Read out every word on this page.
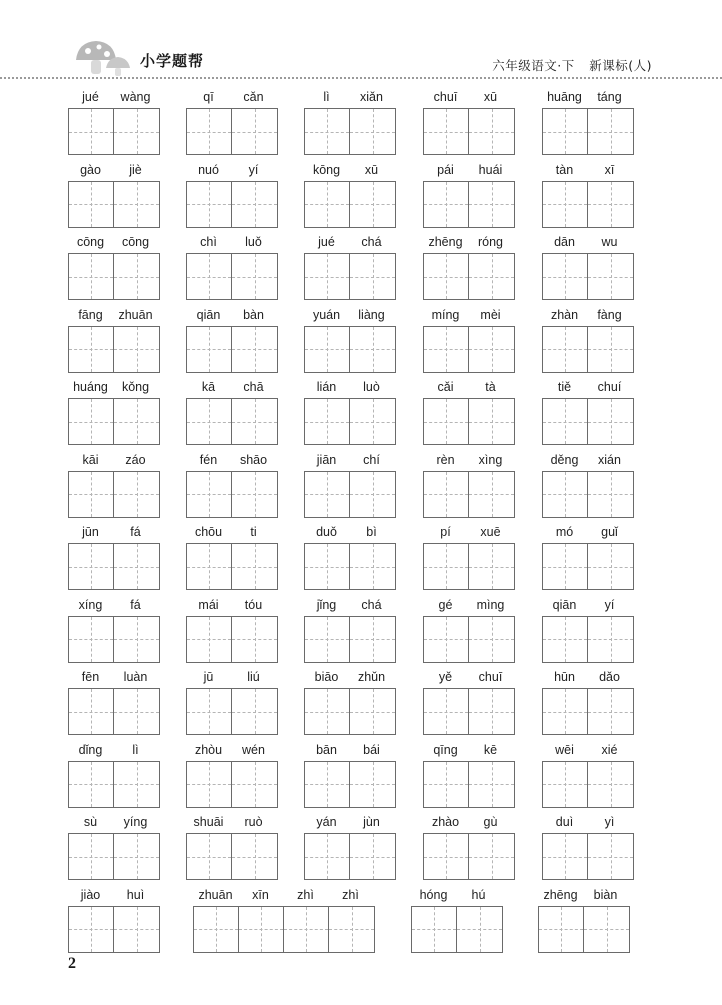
小学题帮	六年级语文·下 新课标(人)
jué	wàng	qī	cǎn	lì	xiǎn	chuī	xū	huāng	táng
gào	jiè	nuó	yí	kōng	xū	pái	huái	tàn	xī
cōng	cōng	chì	luǒ	jué	chá	zhēng	róng	dān	wu
fāng	zhuān	qiān	bàn	yuán	liàng	míng	mèi	zhàn	fàng
huáng	kǒng	kā	chā	lián	luò	cǎi	tà	tiě	chuí
kāi	záo	fén	shāo	jiān	chí	rèn	xìng	děng	xián
jūn	fá	chōu	ti	duǒ	bì	pí	xuē	mó	guǐ
xíng	fá	mái	tóu	jǐng	chá	gé	mìng	qiān	yí
fēn	luàn	jū	liú	biāo	zhǔn	yě	chuī	hūn	dǎo
dǐng	lì	zhòu	wén	bān	bái	qīng	kē	wēi	xié
sù	yíng	shuāi	ruò	yán	jùn	zhào	gù	duì	yì
jiào	huì	zhuān	xīn	zhì	zhì	hóng	hú	zhēng	biàn
2
